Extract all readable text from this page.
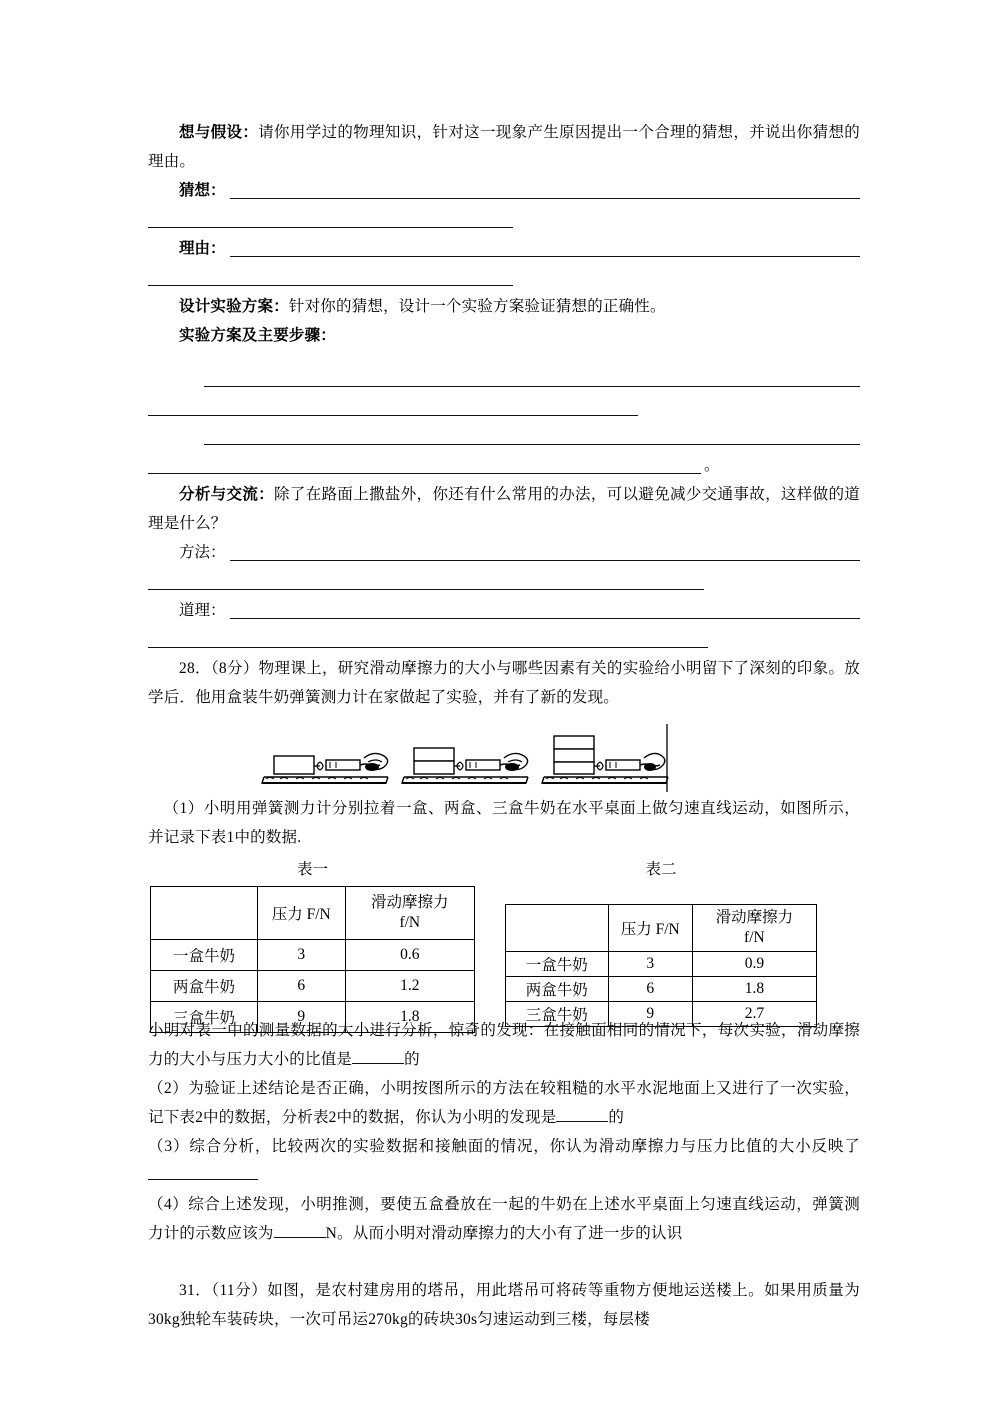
想与假设：请你用学过的物理知识，针对这一现象产生原因提出一个合理的猜想，并说出你猜想的理由。

猜想：
理由：

设计实验方案：针对你的猜想，设计一个实验方案验证猜想的正确性。

实验方案及主要步骤：

。

分析与交流：除了在路面上撒盐外，你还有什么常用的办法，可以避免减少交通事故，这样做的道理是什么？

方法：
道理：

28．（8分）物理课上，研究滑动摩擦力的大小与哪些因素有关的实验给小明留下了深刻的印象。放学后．他用盒装牛奶弹簧测力计在家做起了实验，并有了新的发现。

（1）小明用弹簧测力计分别拉着一盒、两盒、三盒牛奶在水平桌面上做匀速直线运动，如图所示，并记录下表1中的数据.

表一	表二
	压力 F/N	滑动摩擦力
f/N

一盒牛奶	3	0.6
两盒牛奶	6	1.2
三盒牛奶	9	1.8
	压力 F/N	滑动摩擦力
f/N

一盒牛奶	3	0.9
两盒牛奶	6	1.8
三盒牛奶	9	2.7

小明对表一中的测量数据的大小进行分析，惊奇的发现：在接触面相同的情况下，每次实验，滑动摩擦力的大小与压力大小的比值是	的

（2）为验证上述结论是否正确，小明按图所示的方法在较粗糙的水平水泥地面上又进行了一次实验，记下表2中的数据，分析表2中的数据，你认为小明的发现是	的

（3）综合分析，比较两次的实验数据和接触面的情况，你认为滑动摩擦力与压力比值的大小反映了

（4）综合上述发现，小明推测，要使五盒叠放在一起的牛奶在上述水平桌面上匀速直线运动，弹簧测力计的示数应该为	N。从而小明对滑动摩擦力的大小有了进一步的认识

31．（11分）如图，是农村建房用的塔吊，用此塔吊可将砖等重物方便地运送楼上。如果用质量为30kg独轮车装砖块，一次可吊运270kg的砖块30s匀速运动到三楼，每层楼
